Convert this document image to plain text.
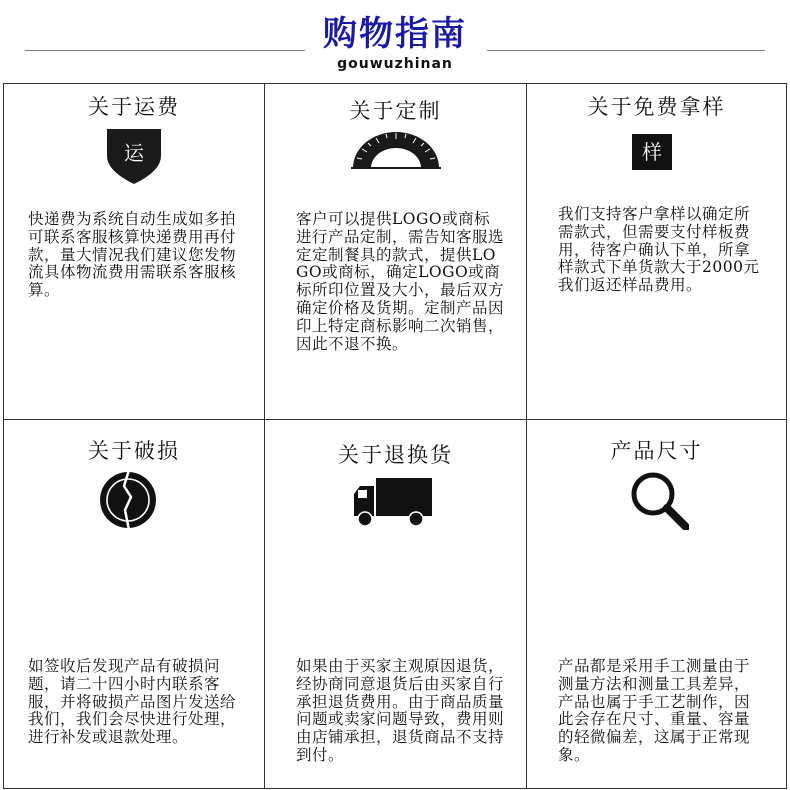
购物指南
gouwuzhinan
关于运费
运
快递费为系统自动生成如多拍可联系客服核算快递费用再付款，量大情况我们建议您发物流具体物流费用需联系客服核算。
关于定制
客户可以提供LOGO或商标进行产品定制，需告知客服选定定制餐具的款式，提供LOGO或商标，确定LOGO或商标所印位置及大小，最后双方确定价格及货期。定制产品因印上特定商标影响二次销售，因此不退不换。
关于免费拿样
样
我们支持客户拿样以确定所需款式，但需要支付样板费用，待客户确认下单，所拿样款式下单货款大于2000元我们返还样品费用。
关于破损
如签收后发现产品有破损问题，请二十四小时内联系客服，并将破损产品图片发送给我们，我们会尽快进行处理，进行补发或退款处理。
关于退换货
如果由于买家主观原因退货，经协商同意退货后由买家自行承担退货费用。由于商品质量问题或卖家问题导致，费用则由店铺承担，退货商品不支持到付。
产品尺寸
产品都是采用手工测量由于测量方法和测量工具差异，产品也属于手工艺制作，因此会存在尺寸、重量、容量的轻微偏差，这属于正常现象。
